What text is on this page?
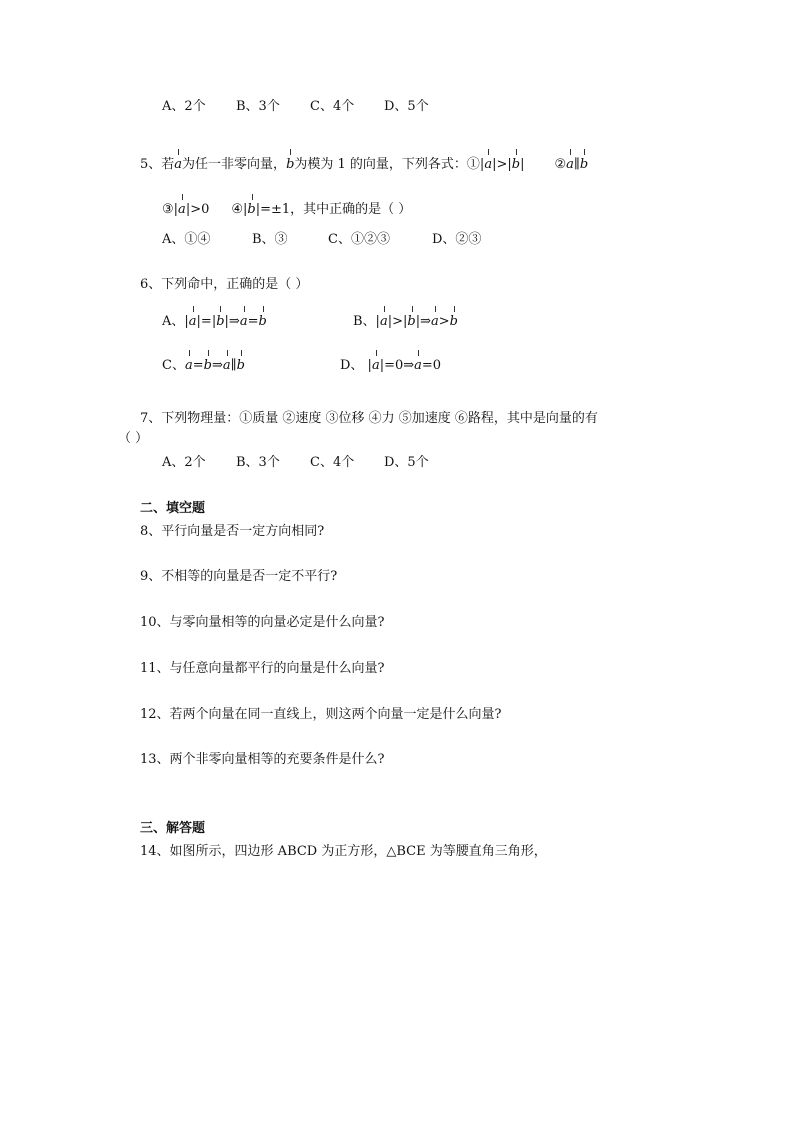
A、2个 B、3个 C、4个 D、5个
5、若a为任一非零向量，b为模为 1 的向量，下列各式：①|a|>|b| ②a∥b
③|a|>0 ④|b|=±1，其中正确的是（ ）
A、①④	B、③	C、①②③	D、②③
6、下列命中，正确的是（ ）
A、|a|=|b|⇒a=b	B、|a|>|b|⇒a>b
C、a=b⇒a∥b	D、 |a|=0⇒a=0
7、下列物理量：①质量 ②速度 ③位移 ④力 ⑤加速度 ⑥路程，其中是向量的有
（ ）
A、2个 B、3个 C、4个 D、5个
二、填空题
8、平行向量是否一定方向相同?
9、不相等的向量是否一定不平行?
10、与零向量相等的向量必定是什么向量?
11、与任意向量都平行的向量是什么向量?
12、若两个向量在同一直线上，则这两个向量一定是什么向量?
13、两个非零向量相等的充要条件是什么?
三、解答题
14、如图所示，四边形 ABCD 为正方形，△BCE 为等腰直角三角形，
